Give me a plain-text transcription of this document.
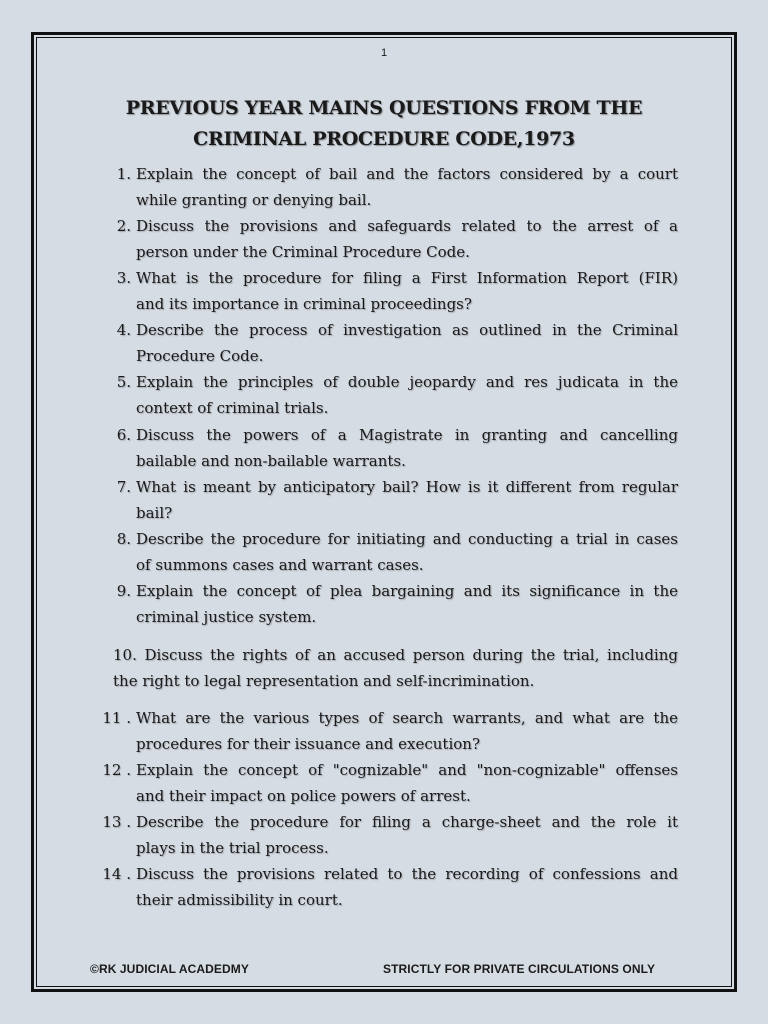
1
PREVIOUS YEAR MAINS QUESTIONS FROM THE
CRIMINAL PROCEDURE CODE,1973
1. Explain the concept of bail and the factors considered by a court
while granting or denying bail.
2. Discuss the provisions and safeguards related to the arrest of a
person under the Criminal Procedure Code.
3. What is the procedure for filing a First Information Report (FIR)
and its importance in criminal proceedings?
4. Describe the process of investigation as outlined in the Criminal
Procedure Code.
5. Explain the principles of double jeopardy and res judicata in the
context of criminal trials.
6. Discuss the powers of a Magistrate in granting and cancelling
bailable and non-bailable warrants.
7. What is meant by anticipatory bail? How is it different from regular
bail?
8. Describe the procedure for initiating and conducting a trial in cases
of summons cases and warrant cases.
9. Explain the concept of plea bargaining and its significance in the
criminal justice system.
10. Discuss the rights of an accused person during the trial, including
the right to legal representation and self-incrimination.
11 . What are the various types of search warrants, and what are the
procedures for their issuance and execution?
12 . Explain the concept of "cognizable" and "non-cognizable" offenses
and their impact on police powers of arrest.
13 . Describe the procedure for filing a charge-sheet and the role it
plays in the trial process.
14 . Discuss the provisions related to the recording of confessions and
their admissibility in court.
©RK JUDICIAL ACADEDMY	STRICTLY FOR PRIVATE CIRCULATIONS ONLY
